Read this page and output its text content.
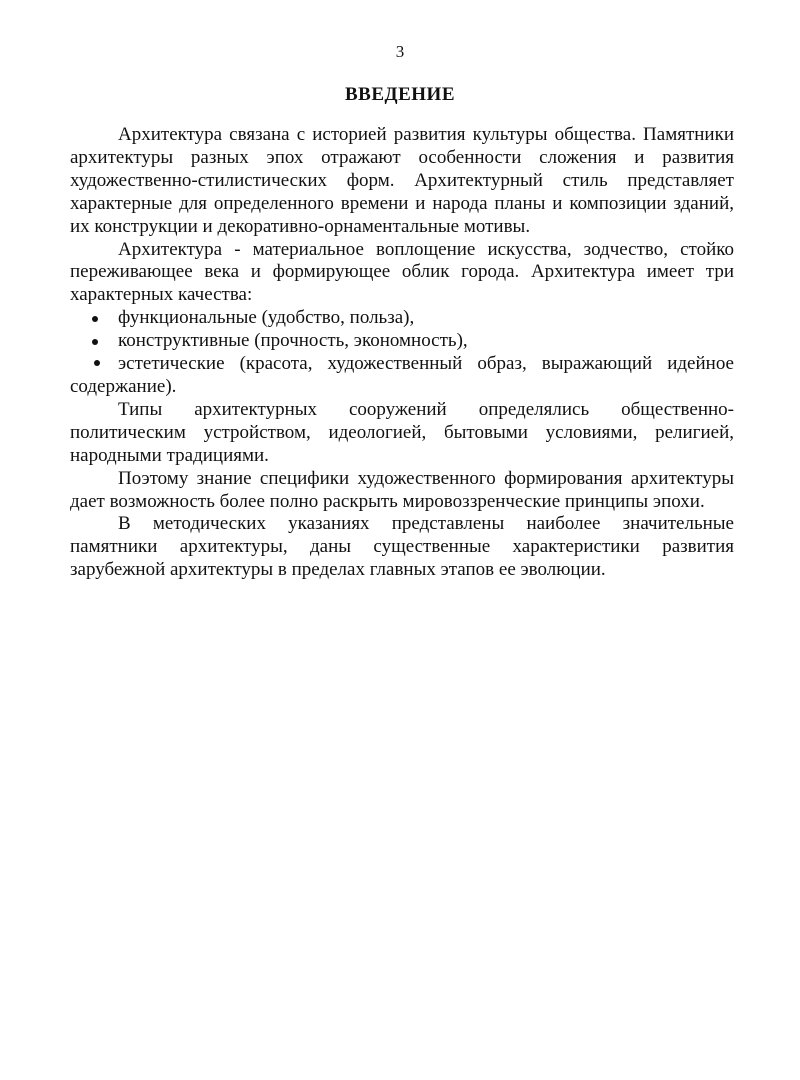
3
ВВЕДЕНИЕ

Архитектура связана с историей развития культуры общества. Памятники архитектуры разных эпох отражают особенности сложения и развития художественно-стилистических форм. Архитектурный стиль представляет характерные для определенного времени и народа планы и композиции зданий, их конструкции и декоративно-орнаментальные мотивы.

Архитектура - материальное воплощение искусства, зодчество, стойко переживающее века и формирующее облик города. Архитектура имеет три характерных качества:

функциональные (удобство, польза),
конструктивные (прочность, экономность),
эстетические (красота, художественный образ, выражающий идейное содержание).

Типы архитектурных сооружений определялись общественно-политическим устройством, идеологией, бытовыми условиями, религией, народными традициями.

Поэтому знание специфики художественного формирования архитектуры дает возможность более полно раскрыть мировоззренческие принципы эпохи.

В методических указаниях представлены наиболее значительные памятники архитектуры, даны существенные характеристики развития зарубежной архитектуры в пределах главных этапов ее эволюции.
